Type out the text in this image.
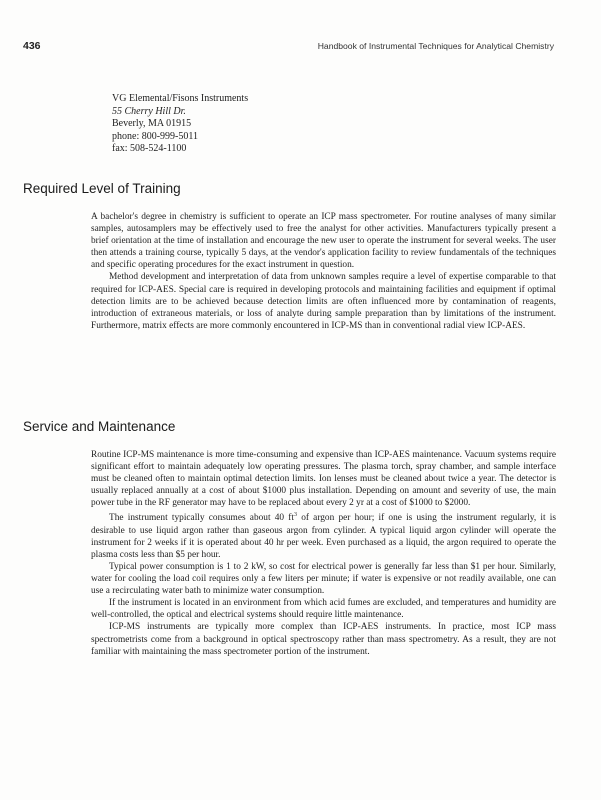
436	Handbook of Instrumental Techniques for Analytical Chemistry
VG Elemental/Fisons Instruments
55 Cherry Hill Dr.
Beverly, MA 01915
phone: 800-999-5011
fax: 508-524-1100
Required Level of Training

A bachelor's degree in chemistry is sufficient to operate an ICP mass spectrometer. For routine analyses of many similar samples, autosamplers may be effectively used to free the analyst for other activities. Manufacturers typically present a brief orientation at the time of installation and encourage the new user to operate the instrument for several weeks. The user then attends a training course, typically 5 days, at the vendor's application facility to review fundamentals of the techniques and specific operating procedures for the exact instrument in question.

Method development and interpretation of data from unknown samples require a level of expertise comparable to that required for ICP-AES. Special care is required in developing protocols and maintaining facilities and equipment if optimal detection limits are to be achieved because detection limits are often influenced more by contamination of reagents, introduction of extraneous materials, or loss of analyte during sample preparation than by limitations of the instrument. Furthermore, matrix effects are more commonly encountered in ICP-MS than in conventional radial view ICP-AES.

Service and Maintenance

Routine ICP-MS maintenance is more time-consuming and expensive than ICP-AES maintenance. Vacuum systems require significant effort to maintain adequately low operating pressures. The plasma torch, spray chamber, and sample interface must be cleaned often to maintain optimal detection limits. Ion lenses must be cleaned about twice a year. The detector is usually replaced annually at a cost of about $1000 plus installation. Depending on amount and severity of use, the main power tube in the RF generator may have to be replaced about every 2 yr at a cost of $1000 to $2000.

The instrument typically consumes about 40 $ft^3$ of argon per hour; if one is using the instrument regularly, it is desirable to use liquid argon rather than gaseous argon from cylinder. A typical liquid argon cylinder will operate the instrument for 2 weeks if it is operated about 40 hr per week. Even purchased as a liquid, the argon required to operate the plasma costs less than $5 per hour.

Typical power consumption is 1 to 2 kW, so cost for electrical power is generally far less than $1 per hour. Similarly, water for cooling the load coil requires only a few liters per minute; if water is expensive or not readily available, one can use a recirculating water bath to minimize water consumption.

If the instrument is located in an environment from which acid fumes are excluded, and temperatures and humidity are well-controlled, the optical and electrical systems should require little maintenance.

ICP-MS instruments are typically more complex than ICP-AES instruments. In practice, most ICP mass spectrometrists come from a background in optical spectroscopy rather than mass spectrometry. As a result, they are not familiar with maintaining the mass spectrometer portion of the instrument.
